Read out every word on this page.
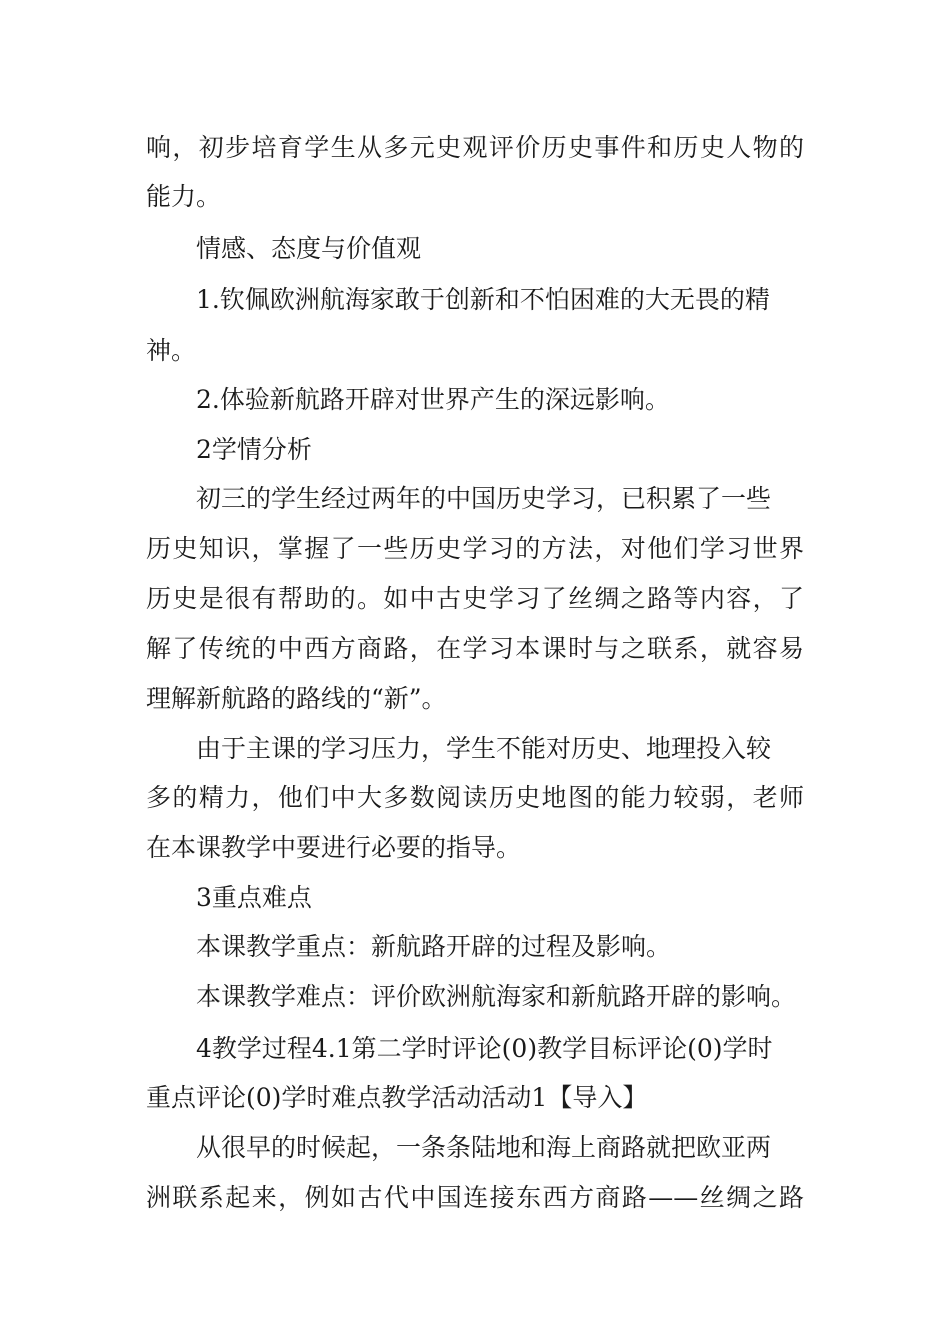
响，初步培育学生从多元史观评价历史事件和历史人物的
能力。
情感、态度与价值观
1.钦佩欧洲航海家敢于创新和不怕困难的大无畏的精
神。
2.体验新航路开辟对世界产生的深远影响。
2学情分析
初三的学生经过两年的中国历史学习，已积累了一些
历史知识，掌握了一些历史学习的方法，对他们学习世界
历史是很有帮助的。如中古史学习了丝绸之路等内容，了
解了传统的中西方商路，在学习本课时与之联系，就容易
理解新航路的路线的“新”。
由于主课的学习压力，学生不能对历史、地理投入较
多的精力，他们中大多数阅读历史地图的能力较弱，老师
在本课教学中要进行必要的指导。
3重点难点
本课教学重点：新航路开辟的过程及影响。
本课教学难点：评价欧洲航海家和新航路开辟的影响。
4教学过程4.1第二学时评论(0)教学目标评论(0)学时
重点评论(0)学时难点教学活动活动1【导入】
从很早的时候起，一条条陆地和海上商路就把欧亚两
洲联系起来，例如古代中国连接东西方商路——丝绸之路
